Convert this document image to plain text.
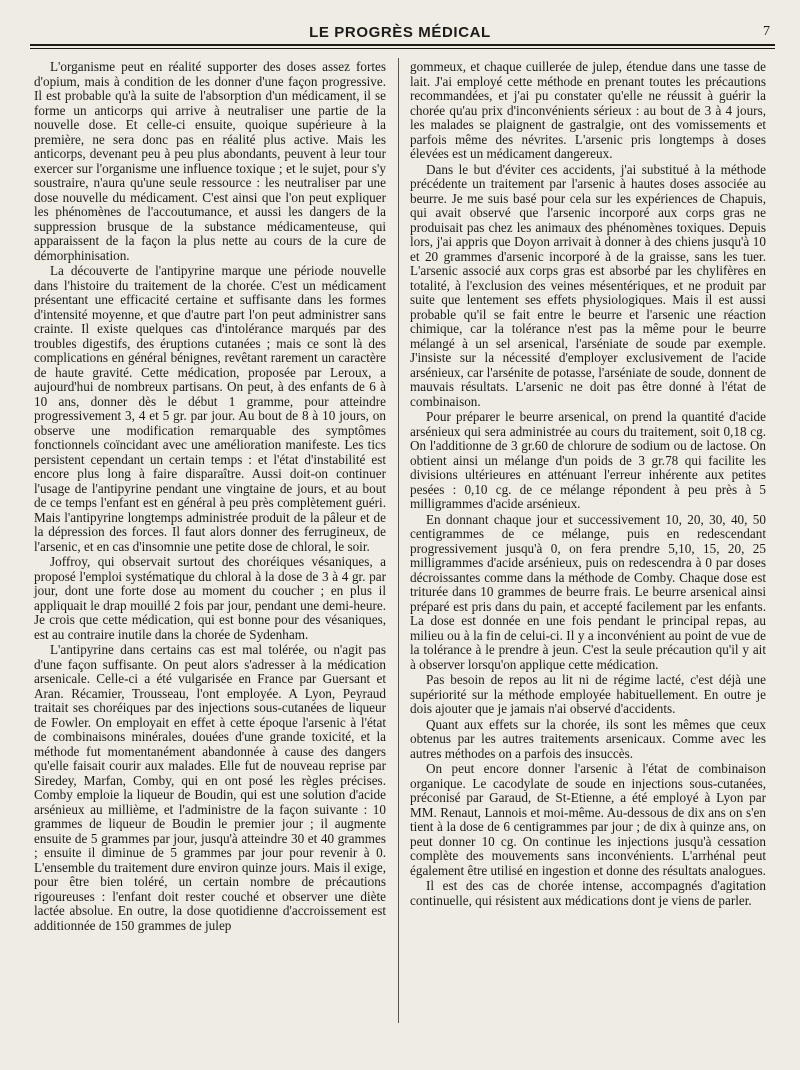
LE PROGRÈS MÉDICAL	7

L'organisme peut en réalité supporter des doses assez fortes d'opium, mais à condition de les donner d'une façon progressive. Il est probable qu'à la suite de l'absorption d'un médicament, il se forme un anticorps qui arrive à neutraliser une partie de la nouvelle dose. Et celle-ci ensuite, quoique supérieure à la première, ne sera donc pas en réalité plus active. Mais les anticorps, devenant peu à peu plus abondants, peuvent à leur tour exercer sur l'organisme une influence toxique ; et le sujet, pour s'y soustraire, n'aura qu'une seule ressource : les neutraliser par une dose nouvelle du médicament. C'est ainsi que l'on peut expliquer les phénomènes de l'accoutumance, et aussi les dangers de la suppression brusque de la substance médicamenteuse, qui apparaissent de la façon la plus nette au cours de la cure de démorphinisation.

La découverte de l'antipyrine marque une période nouvelle dans l'histoire du traitement de la chorée. C'est un médicament présentant une efficacité certaine et suffisante dans les formes d'intensité moyenne, et que d'autre part l'on peut administrer sans crainte. Il existe quelques cas d'intolérance marqués par des troubles digestifs, des éruptions cutanées ; mais ce sont là des complications en général bénignes, revêtant rarement un caractère de haute gravité. Cette médication, proposée par Leroux, a aujourd'hui de nombreux partisans. On peut, à des enfants de 6 à 10 ans, donner dès le début 1 gramme, pour atteindre progressivement 3, 4 et 5 gr. par jour. Au bout de 8 à 10 jours, on observe une modification remarquable des symptômes fonctionnels coïncidant avec une amélioration manifeste. Les tics persistent cependant un certain temps : et l'état d'instabilité est encore plus long à faire disparaître. Aussi doit-on continuer l'usage de l'antipyrine pendant une vingtaine de jours, et au bout de ce temps l'enfant est en général à peu près complètement guéri. Mais l'antipyrine longtemps administrée produit de la pâleur et de la dépression des forces. Il faut alors donner des ferrugineux, de l'arsenic, et en cas d'insomnie une petite dose de chloral, le soir.

Joffroy, qui observait surtout des choréiques vésaniques, a proposé l'emploi systématique du chloral à la dose de 3 à 4 gr. par jour, dont une forte dose au moment du coucher ; en plus il appliquait le drap mouillé 2 fois par jour, pendant une demi-heure. Je crois que cette médication, qui est bonne pour des vésaniques, est au contraire inutile dans la chorée de Sydenham.

L'antipyrine dans certains cas est mal tolérée, ou n'agit pas d'une façon suffisante. On peut alors s'adresser à la médication arsenicale. Celle-ci a été vulgarisée en France par Guersant et Aran. Récamier, Trousseau, l'ont employée. A Lyon, Peyraud traitait ses choréiques par des injections sous-cutanées de liqueur de Fowler. On employait en effet à cette époque l'arsenic à l'état de combinaisons minérales, douées d'une grande toxicité, et la méthode fut momentanément abandonnée à cause des dangers qu'elle faisait courir aux malades. Elle fut de nouveau reprise par Siredey, Marfan, Comby, qui en ont posé les règles précises. Comby emploie la liqueur de Boudin, qui est une solution d'acide arsénieux au millième, et l'administre de la façon suivante : 10 grammes de liqueur de Boudin le premier jour ; il augmente ensuite de 5 grammes par jour, jusqu'à atteindre 30 et 40 grammes ; ensuite il diminue de 5 grammes par jour pour revenir à 0. L'ensemble du traitement dure environ quinze jours. Mais il exige, pour être bien toléré, un certain nombre de précautions rigoureuses : l'enfant doit rester couché et observer une diète lactée absolue. En outre, la dose quotidienne d'accroissement est additionnée de 150 grammes de julep

gommeux, et chaque cuillerée de julep, étendue dans une tasse de lait. J'ai employé cette méthode en prenant toutes les précautions recommandées, et j'ai pu constater qu'elle ne réussit à guérir la chorée qu'au prix d'inconvénients sérieux : au bout de 3 à 4 jours, les malades se plaignent de gastralgie, ont des vomissements et parfois même des névrites. L'arsenic pris longtemps à doses élevées est un médicament dangereux.

Dans le but d'éviter ces accidents, j'ai substitué à la méthode précédente un traitement par l'arsenic à hautes doses associée au beurre. Je me suis basé pour cela sur les expériences de Chapuis, qui avait observé que l'arsenic incorporé aux corps gras ne produisait pas chez les animaux des phénomènes toxiques. Depuis lors, j'ai appris que Doyon arrivait à donner à des chiens jusqu'à 10 et 20 grammes d'arsenic incorporé à de la graisse, sans les tuer. L'arsenic associé aux corps gras est absorbé par les chylifères en totalité, à l'exclusion des veines mésentériques, et ne produit par suite que lentement ses effets physiologiques. Mais il est aussi probable qu'il se fait entre le beurre et l'arsenic une réaction chimique, car la tolérance n'est pas la même pour le beurre mélangé à un sel arsenical, l'arséniate de soude par exemple. J'insiste sur la nécessité d'employer exclusivement de l'acide arsénieux, car l'arsénite de potasse, l'arséniate de soude, donnent de mauvais résultats. L'arsenic ne doit pas être donné à l'état de combinaison.

Pour préparer le beurre arsenical, on prend la quantité d'acide arsénieux qui sera administrée au cours du traitement, soit 0,18 cg. On l'additionne de 3 gr.60 de chlorure de sodium ou de lactose. On obtient ainsi un mélange d'un poids de 3 gr.78 qui facilite les divisions ultérieures en atténuant l'erreur inhérente aux petites pesées : 0,10 cg. de ce mélange répondent à peu près à 5 milligrammes d'acide arsénieux.

En donnant chaque jour et successivement 10, 20, 30, 40, 50 centigrammes de ce mélange, puis en redescendant progressivement jusqu'à 0, on fera prendre 5,10, 15, 20, 25 milligrammes d'acide arsénieux, puis on redescendra à 0 par doses décroissantes comme dans la méthode de Comby. Chaque dose est triturée dans 10 grammes de beurre frais. Le beurre arsenical ainsi préparé est pris dans du pain, et accepté facilement par les enfants. La dose est donnée en une fois pendant le principal repas, au milieu ou à la fin de celui-ci. Il y a inconvénient au point de vue de la tolérance à le prendre à jeun. C'est la seule précaution qu'il y ait à observer lorsqu'on applique cette médication.

Pas besoin de repos au lit ni de régime lacté, c'est déjà une supériorité sur la méthode employée habituellement. En outre je dois ajouter que je jamais n'ai observé d'accidents.

Quant aux effets sur la chorée, ils sont les mêmes que ceux obtenus par les autres traitements arsenicaux. Comme avec les autres méthodes on a parfois des insuccès.

On peut encore donner l'arsenic à l'état de combinaison organique. Le cacodylate de soude en injections sous-cutanées, préconisé par Garaud, de St-Etienne, a été employé à Lyon par MM. Renaut, Lannois et moi-même. Au-dessous de dix ans on s'en tient à la dose de 6 centigrammes par jour ; de dix à quinze ans, on peut donner 10 cg. On continue les injections jusqu'à cessation complète des mouvements sans inconvénients. L'arrhénal peut également être utilisé en ingestion et donne des résultats analogues.

Il est des cas de chorée intense, accompagnés d'agitation continuelle, qui résistent aux médications dont je viens de parler.
